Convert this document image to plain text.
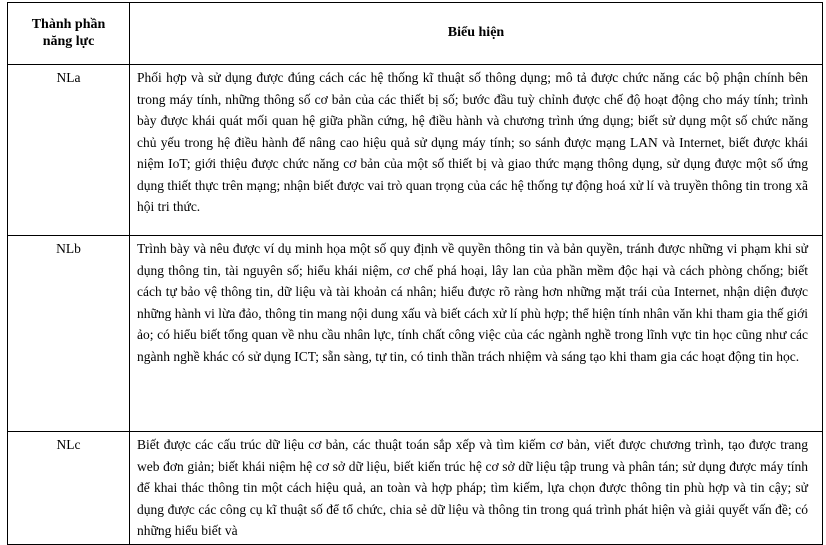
Thành phần
năng lực	Biểu hiện
NLa	Phối hợp và sử dụng được đúng cách các hệ thống kĩ thuật số thông dụng; mô tả được chức năng các bộ phận chính bên trong máy tính, những thông số cơ bản của các thiết bị số; bước đầu tuỳ chỉnh được chế độ hoạt động cho máy tính; trình bày được khái quát mối quan hệ giữa phần cứng, hệ điều hành và chương trình ứng dụng; biết sử dụng một số chức năng chủ yếu trong hệ điều hành để nâng cao hiệu quả sử dụng máy tính; so sánh được mạng LAN và Internet, biết được khái niệm IoT; giới thiệu được chức năng cơ bản của một số thiết bị và giao thức mạng thông dụng, sử dụng được một số ứng dụng thiết thực trên mạng; nhận biết được vai trò quan trọng của các hệ thống tự động hoá xử lí và truyền thông tin trong xã hội tri thức.
NLb	Trình bày và nêu được ví dụ minh họa một số quy định về quyền thông tin và bản quyền, tránh được những vi phạm khi sử dụng thông tin, tài nguyên số; hiểu khái niệm, cơ chế phá hoại, lây lan của phần mềm độc hại và cách phòng chống; biết cách tự bảo vệ thông tin, dữ liệu và tài khoản cá nhân; hiểu được rõ ràng hơn những mặt trái của Internet, nhận diện được những hành vi lừa đảo, thông tin mang nội dung xấu và biết cách xử lí phù hợp; thể hiện tính nhân văn khi tham gia thế giới ảo; có hiểu biết tổng quan về nhu cầu nhân lực, tính chất công việc của các ngành nghề trong lĩnh vực tin học cũng như các ngành nghề khác có sử dụng ICT; sẵn sàng, tự tin, có tinh thần trách nhiệm và sáng tạo khi tham gia các hoạt động tin học.
NLc	Biết được các cấu trúc dữ liệu cơ bản, các thuật toán sắp xếp và tìm kiếm cơ bản, viết được chương trình, tạo được trang web đơn giản; biết khái niệm hệ cơ sở dữ liệu, biết kiến trúc hệ cơ sở dữ liệu tập trung và phân tán; sử dụng được máy tính để khai thác thông tin một cách hiệu quả, an toàn và hợp pháp; tìm kiếm, lựa chọn được thông tin phù hợp và tin cậy; sử dụng được các công cụ kĩ thuật số để tổ chức, chia sẻ dữ liệu và thông tin trong quá trình phát hiện và giải quyết vấn đề; có những hiểu biết và
